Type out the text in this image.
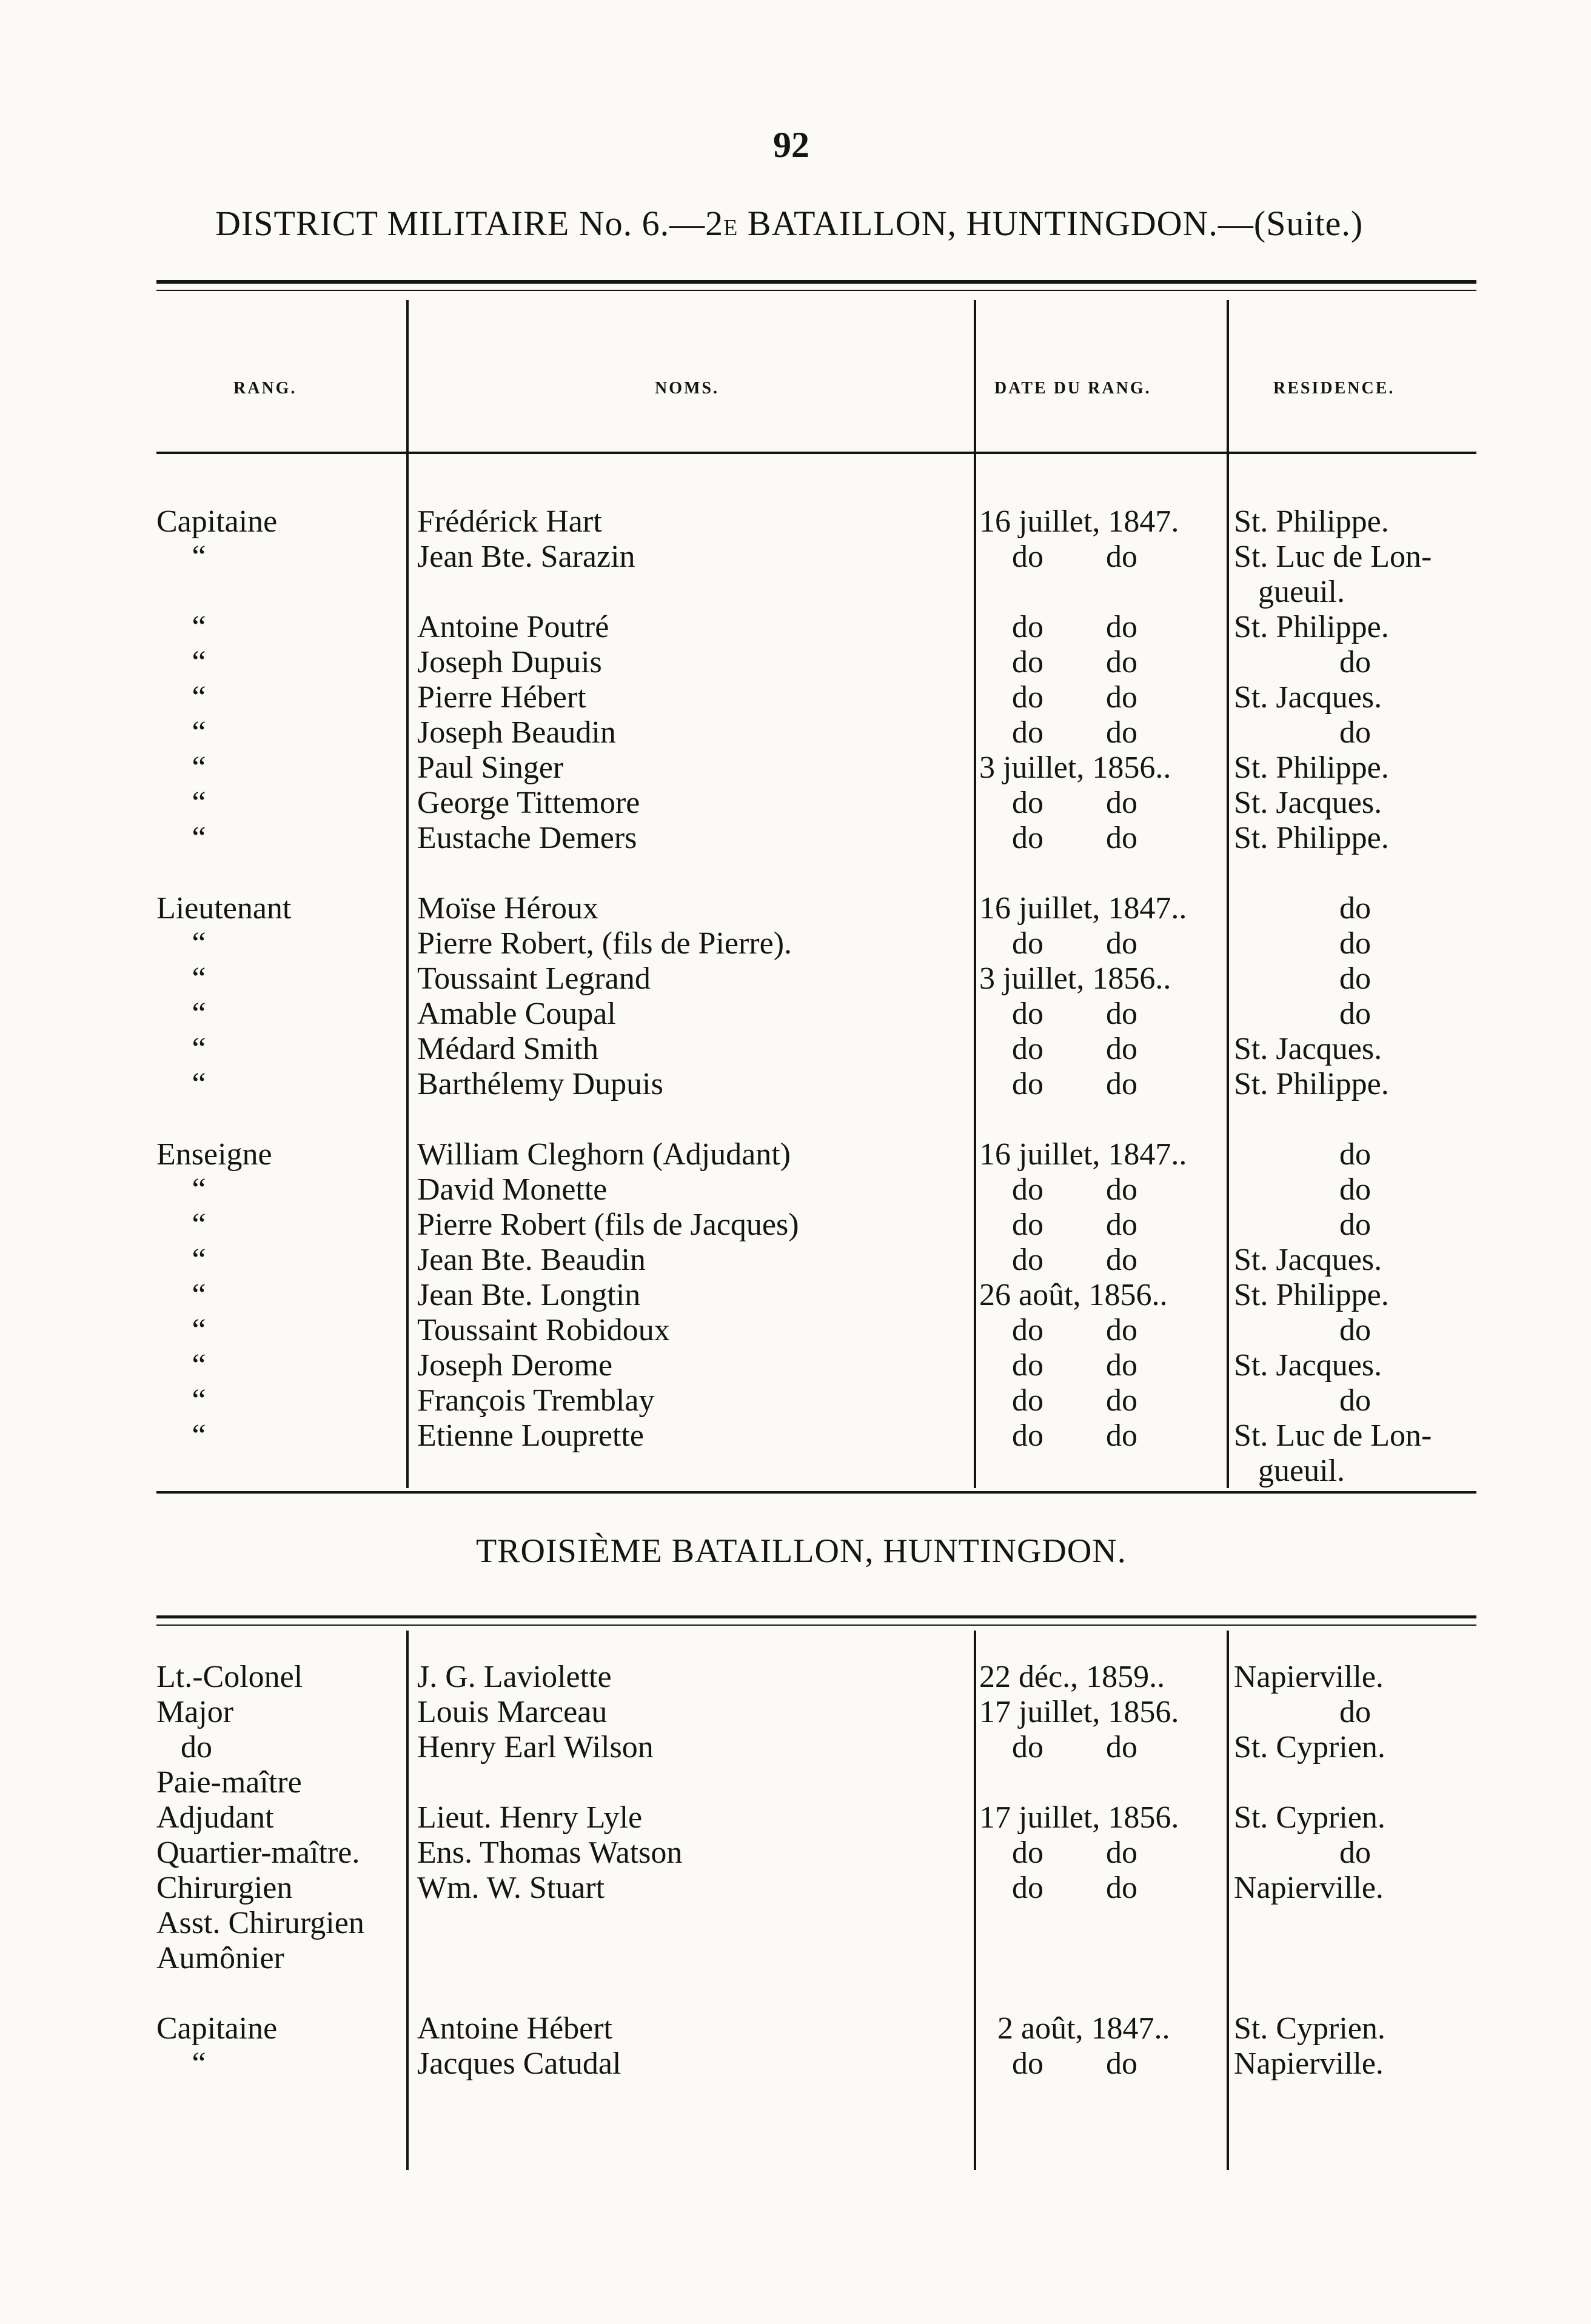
92
DISTRICT MILITAIRE No. 6.—2E BATAILLON, HUNTINGDON.—(Suite.)
RANG.	NOMS.	DATE DU RANG.	RESIDENCE.
Capitaine	Frédérick Hart	16 juillet, 1847.	St. Philippe.
“	Jean Bte. Sarazin	do do	St. Luc de Lon-
gueuil.
“	Antoine Poutré	do do	St. Philippe.
“	Joseph Dupuis	do do	do
“	Pierre Hébert	do do	St. Jacques.
“	Joseph Beaudin	do do	do
“	Paul Singer	3 juillet, 1856..	St. Philippe.
“	George Tittemore	do do	St. Jacques.
“	Eustache Demers	do do	St. Philippe.
Lieutenant	Moïse Héroux	16 juillet, 1847..	do
“	Pierre Robert, (fils de Pierre).	do do	do
“	Toussaint Legrand	3 juillet, 1856..	do
“	Amable Coupal	do do	do
“	Médard Smith	do do	St. Jacques.
“	Barthélemy Dupuis	do do	St. Philippe.
Enseigne	William Cleghorn (Adjudant)	16 juillet, 1847..	do
“	David Monette	do do	do
“	Pierre Robert (fils de Jacques)	do do	do
“	Jean Bte. Beaudin	do do	St. Jacques.
“	Jean Bte. Longtin	26 août, 1856..	St. Philippe.
“	Toussaint Robidoux	do do	do
“	Joseph Derome	do do	St. Jacques.
“	François Tremblay	do do	do
“	Etienne Louprette	do do	St. Luc de Lon-
gueuil.
TROISIÈME BATAILLON, HUNTINGDON.
Lt.-Colonel	J. G. Laviolette	22 déc., 1859..	Napierville.
Major	Louis Marceau	17 juillet, 1856.	do
do	Henry Earl Wilson	do do	St. Cyprien.
Paie-maître
Adjudant	Lieut. Henry Lyle	17 juillet, 1856.	St. Cyprien.
Quartier-maître.	Ens. Thomas Watson	do do	do
Chirurgien	Wm. W. Stuart	do do	Napierville.
Asst. Chirurgien
Aumônier
Capitaine	Antoine Hébert	2 août, 1847..	St. Cyprien.
“	Jacques Catudal	do do	Napierville.
